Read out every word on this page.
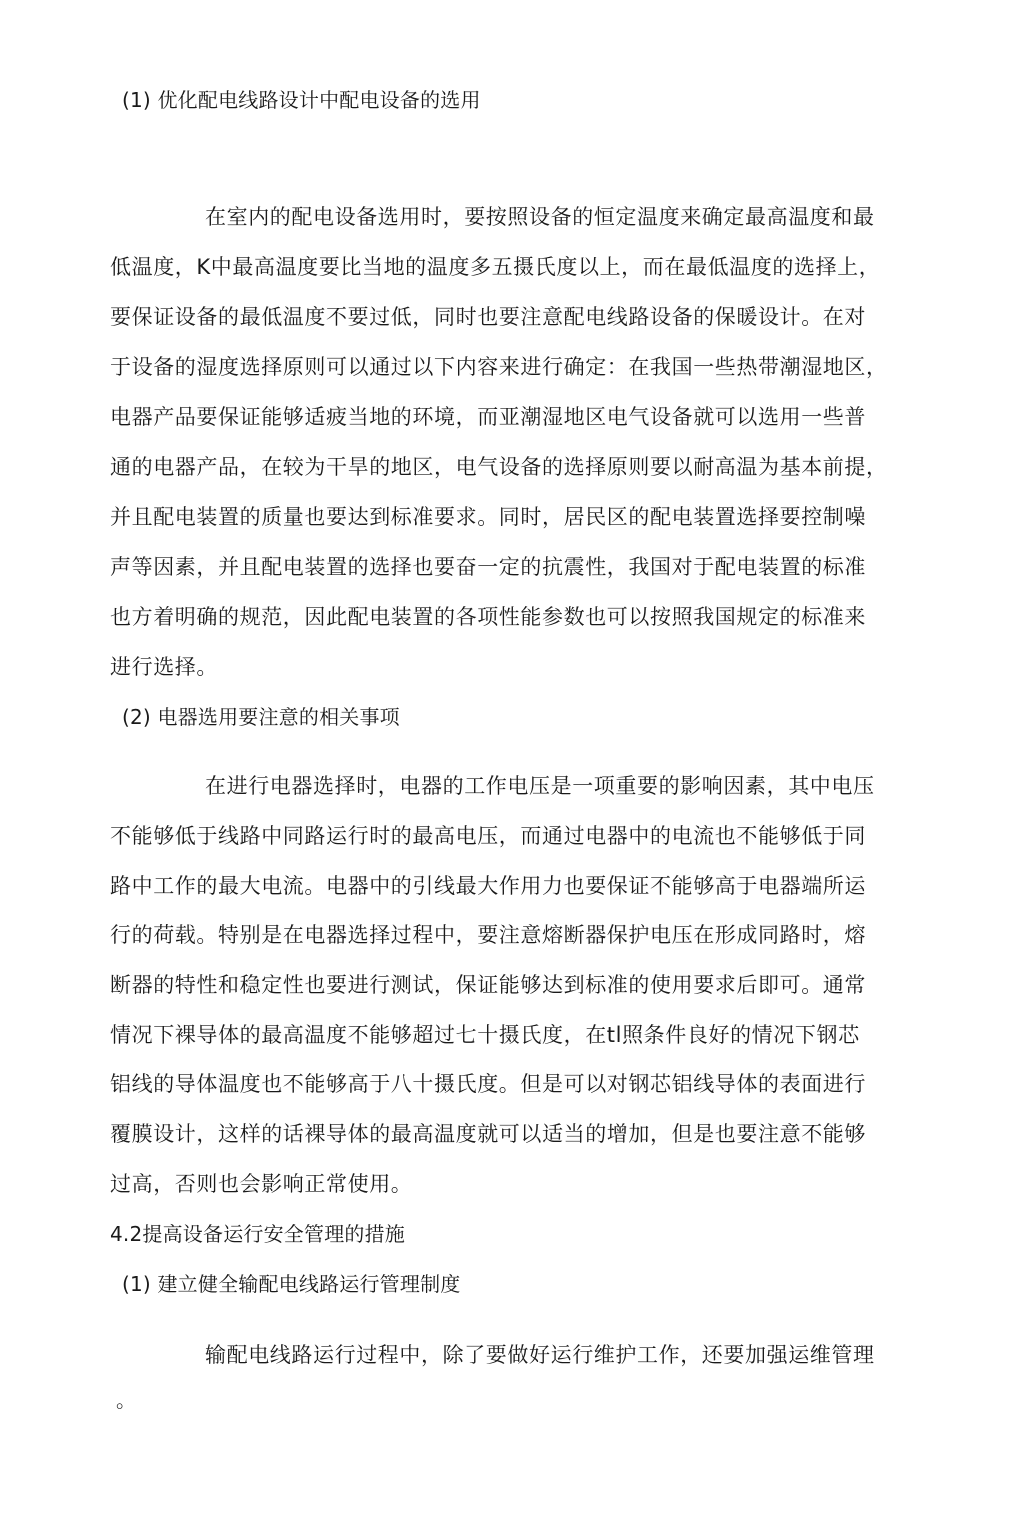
(1) 优化配电线路设计中配电设备的选用
在室内的配电设备选用时，要按照设备的恒定温度来确定最高温度和最
低温度，K中最高温度要比当地的温度多五摄氏度以上，而在最低温度的选择上，
要保证设备的最低温度不要过低，同时也要注意配电线路设备的保暖设计。在对
于设备的湿度选择原则可以通过以下内容来进行确定：在我国一些热带潮湿地区，
电器产品要保证能够适疲当地的环境，而亚潮湿地区电气设备就可以选用一些普
通的电器产品，在较为干旱的地区，电气设备的选择原则要以耐高温为基本前提，
并且配电装置的质量也要达到标准要求。同时，居民区的配电装置选择要控制噪
声等因素，并且配电装置的选择也要奋一定的抗震性，我国对于配电装置的标准
也方着明确的规范，因此配电装置的各项性能参数也可以按照我国规定的标准来
进行选择。
(2) 电器选用要注意的相关事项
在进行电器选择时，电器的工作电压是一项重要的影响因素，其中电压
不能够低于线路中同路运行时的最高电压，而通过电器中的电流也不能够低于同
路中工作的最大电流。电器中的引线最大作用力也要保证不能够高于电器端所运
行的荷载。特别是在电器选择过程中，要注意熔断器保护电压在形成同路时，熔
断器的特性和稳定性也要进行测试，保证能够达到标准的使用要求后即可。通常
情况下裸导体的最高温度不能够超过七十摄氏度，在tl照条件良好的情况下钢芯
铝线的导体温度也不能够高于八十摄氏度。但是可以对钢芯铝线导体的表面进行
覆膜设计，这样的话裸导体的最高温度就可以适当的增加，但是也要注意不能够
过高，否则也会影响正常使用。
4.2提高设备运行安全管理的措施
(1) 建立健全输配电线路运行管理制度
输配电线路运行过程中，除了要做好运行维护工作，还要加强运维管理
。
